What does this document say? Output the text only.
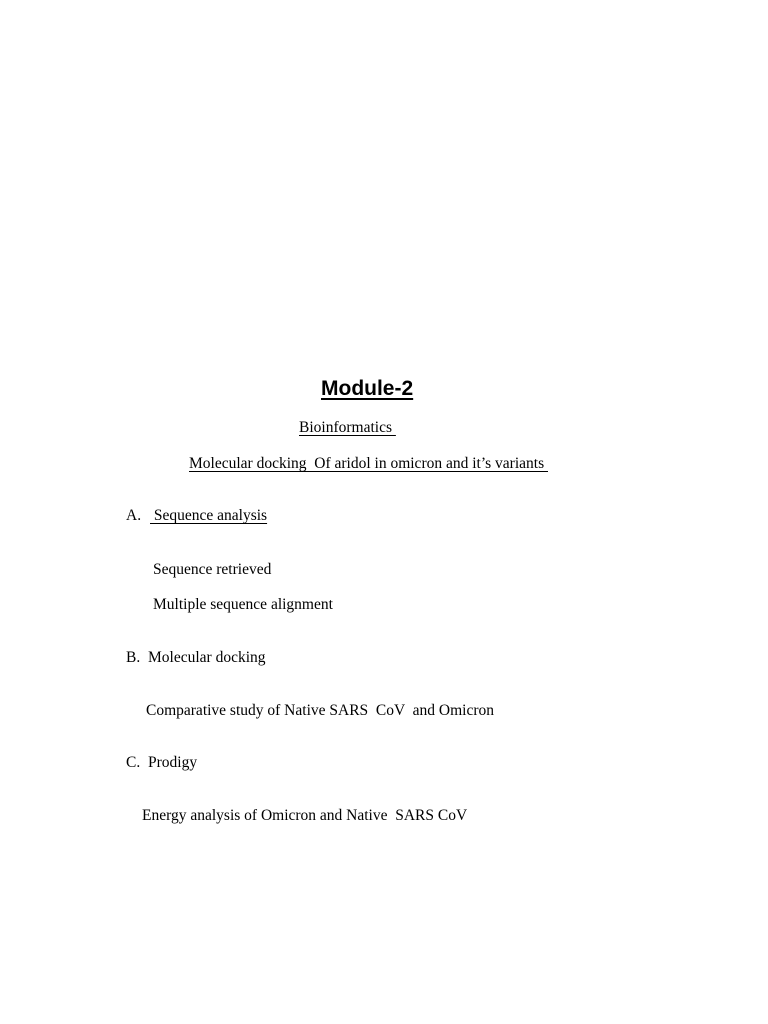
Module-2

Bioinformatics

Molecular docking  Of aridol in omicron and it’s variants

A. Sequence analysis
Sequence retrieved
Multiple sequence alignment
B. Molecular docking
Comparative study of Native SARS  CoV  and Omicron
C. Prodigy
Energy analysis of Omicron and Native  SARS CoV
